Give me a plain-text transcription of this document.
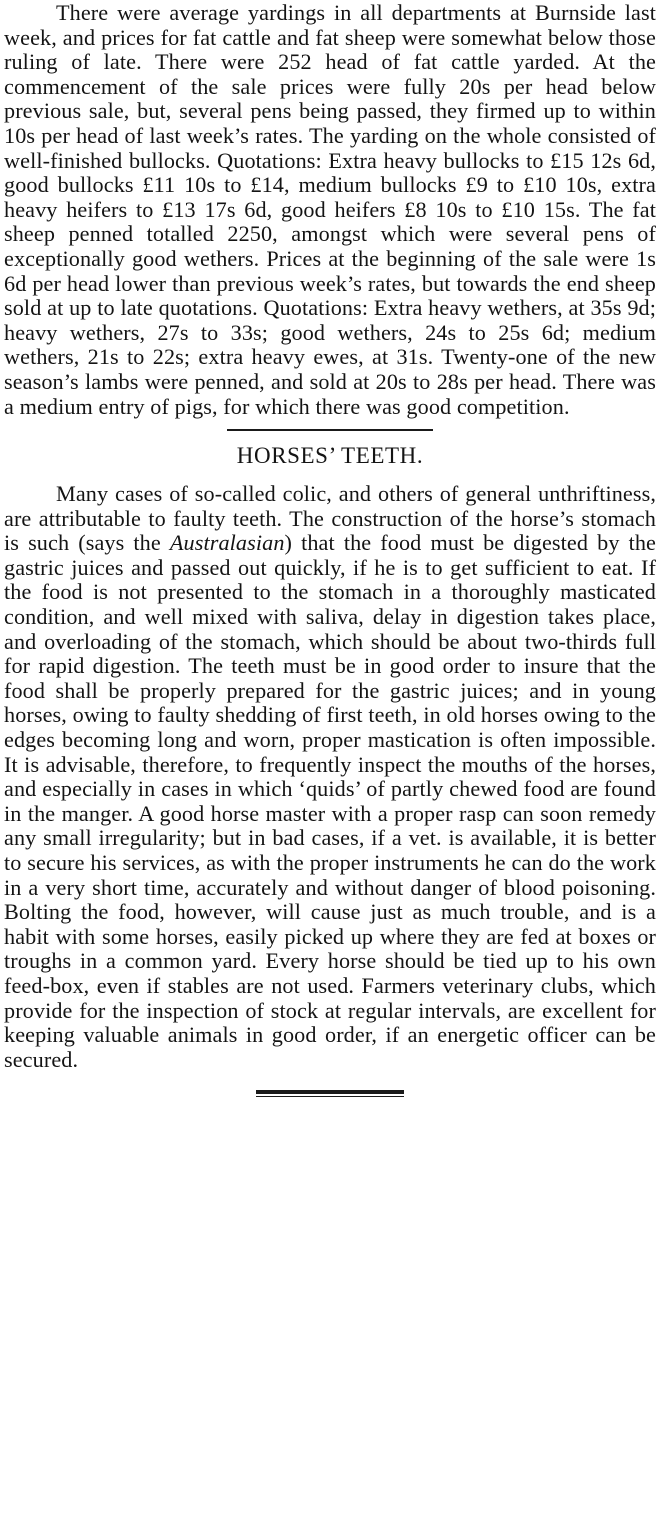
There were average yardings in all departments at Burnside last week, and prices for fat cattle and fat sheep were somewhat below those ruling of late. There were 252 head of fat cattle yarded. At the commencement of the sale prices were fully 20s per head below previous sale, but, several pens being passed, they firmed up to within 10s per head of last week’s rates. The yarding on the whole consisted of well-finished bullocks. Quotations: Extra heavy bullocks to £15 12s 6d, good bullocks £11 10s to £14, medium bullocks £9 to £10 10s, extra heavy heifers to £13 17s 6d, good heifers £8 10s to £10 15s. The fat sheep penned totalled 2250, amongst which were several pens of exceptionally good wethers. Prices at the beginning of the sale were 1s 6d per head lower than previous week’s rates, but towards the end sheep sold at up to late quotations. Quotations: Extra heavy wethers, at 35s 9d; heavy wethers, 27s to 33s; good wethers, 24s to 25s 6d; medium wethers, 21s to 22s; extra heavy ewes, at 31s. Twenty-one of the new season’s lambs were penned, and sold at 20s to 28s per head. There was a medium entry of pigs, for which there was good competition.

HORSES’ TEETH.

Many cases of so-called colic, and others of general unthriftiness, are attributable to faulty teeth. The construction of the horse’s stomach is such (says the Australasian) that the food must be digested by the gastric juices and passed out quickly, if he is to get sufficient to eat. If the food is not presented to the stomach in a thoroughly masticated condition, and well mixed with saliva, delay in digestion takes place, and overloading of the stomach, which should be about two-thirds full for rapid digestion. The teeth must be in good order to insure that the food shall be properly prepared for the gastric juices; and in young horses, owing to faulty shedding of first teeth, in old horses owing to the edges becoming long and worn, proper mastication is often impossible. It is advisable, therefore, to frequently inspect the mouths of the horses, and especially in cases in which ‘quids’ of partly chewed food are found in the manger. A good horse master with a proper rasp can soon remedy any small irregularity; but in bad cases, if a vet. is available, it is better to secure his services, as with the proper instruments he can do the work in a very short time, accurately and without danger of blood poisoning. Bolting the food, however, will cause just as much trouble, and is a habit with some horses, easily picked up where they are fed at boxes or troughs in a common yard. Every horse should be tied up to his own feed-box, even if stables are not used. Farmers veterinary clubs, which provide for the inspection of stock at regular intervals, are excellent for keeping valuable animals in good order, if an energetic officer can be secured.
